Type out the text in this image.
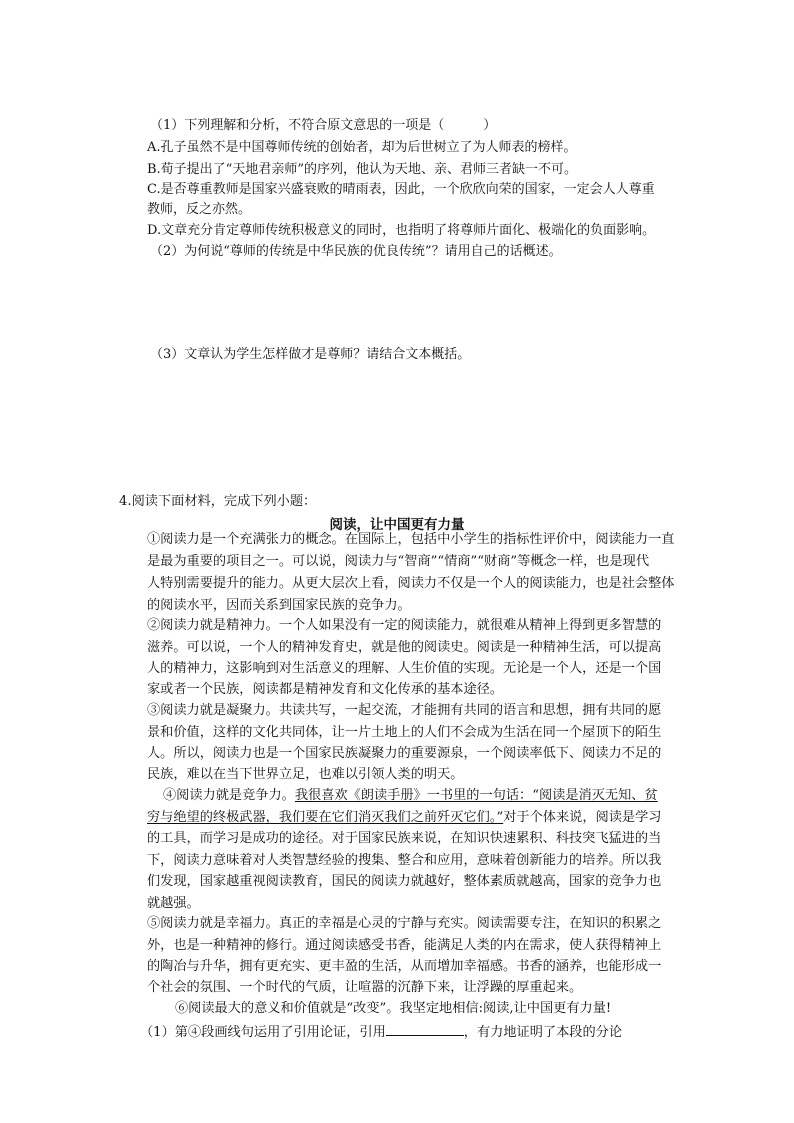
（1）下列理解和分析，不符合原文意思的一项是（　　　）
A.孔子虽然不是中国尊师传统的创始者，却为后世树立了为人师表的榜样。
B.荀子提出了“天地君亲师”的序列，他认为天地、亲、君师三者缺一不可。
C.是否尊重教师是国家兴盛衰败的晴雨表，因此，一个欣欣向荣的国家，一定会人人尊重
教师，反之亦然。
D.文章充分肯定尊师传统积极意义的同时，也指明了将尊师片面化、极端化的负面影响。
（2）为何说“尊师的传统是中华民族的优良传统”？请用自己的话概述。
（3）文章认为学生怎样做才是尊师？请结合文本概括。
4.阅读下面材料，完成下列小题：
阅读，让中国更有力量
①阅读力是一个充满张力的概念。在国际上，包括中小学生的指标性评价中，阅读能力一直
是最为重要的项目之一。可以说，阅读力与“智商”“情商”“财商”等概念一样，也是现代
人特别需要提升的能力。从更大层次上看，阅读力不仅是一个人的阅读能力，也是社会整体
的阅读水平，因而关系到国家民族的竞争力。
②阅读力就是精神力。一个人如果没有一定的阅读能力，就很难从精神上得到更多智慧的
滋养。可以说，一个人的精神发育史，就是他的阅读史。阅读是一种精神生活，可以提高
人的精神力，这影响到对生活意义的理解、人生价值的实现。无论是一个人，还是一个国
家或者一个民族，阅读都是精神发育和文化传承的基本途径。
③阅读力就是凝聚力。共读共写，一起交流，才能拥有共同的语言和思想，拥有共同的愿
景和价值，这样的文化共同体，让一片土地上的人们不会成为生活在同一个屋顶下的陌生
人。所以，阅读力也是一个国家民族凝聚力的重要源泉，一个阅读率低下、阅读力不足的
民族，难以在当下世界立足，也难以引领人类的明天。
④阅读力就是竞争力。我很喜欢《朗读手册》一书里的一句话：“阅读是消灭无知、贫
穷与绝望的终极武器，我们要在它们消灭我们之前歼灭它们。”对于个体来说，阅读是学习
的工具，而学习是成功的途径。对于国家民族来说，在知识快速累积、科技突飞猛进的当
下，阅读力意味着对人类智慧经验的搜集、整合和应用，意味着创新能力的培养。所以我
们发现，国家越重视阅读教育，国民的阅读力就越好，整体素质就越高，国家的竞争力也
就越强。
⑤阅读力就是幸福力。真正的幸福是心灵的宁静与充实。阅读需要专注，在知识的积累之
外，也是一种精神的修行。通过阅读感受书香，能满足人类的内在需求，使人获得精神上
的陶冶与升华，拥有更充实、更丰盈的生活，从而增加幸福感。书香的涵养，也能形成一
个社会的氛围、一个时代的气质，让喧嚣的沉静下来，让浮躁的厚重起来。
⑥阅读最大的意义和价值就是“改变”。我坚定地相信:阅读,让中国更有力量!
（1）第④段画线句运用了引用论证，引用	，有力地证明了本段的分论
